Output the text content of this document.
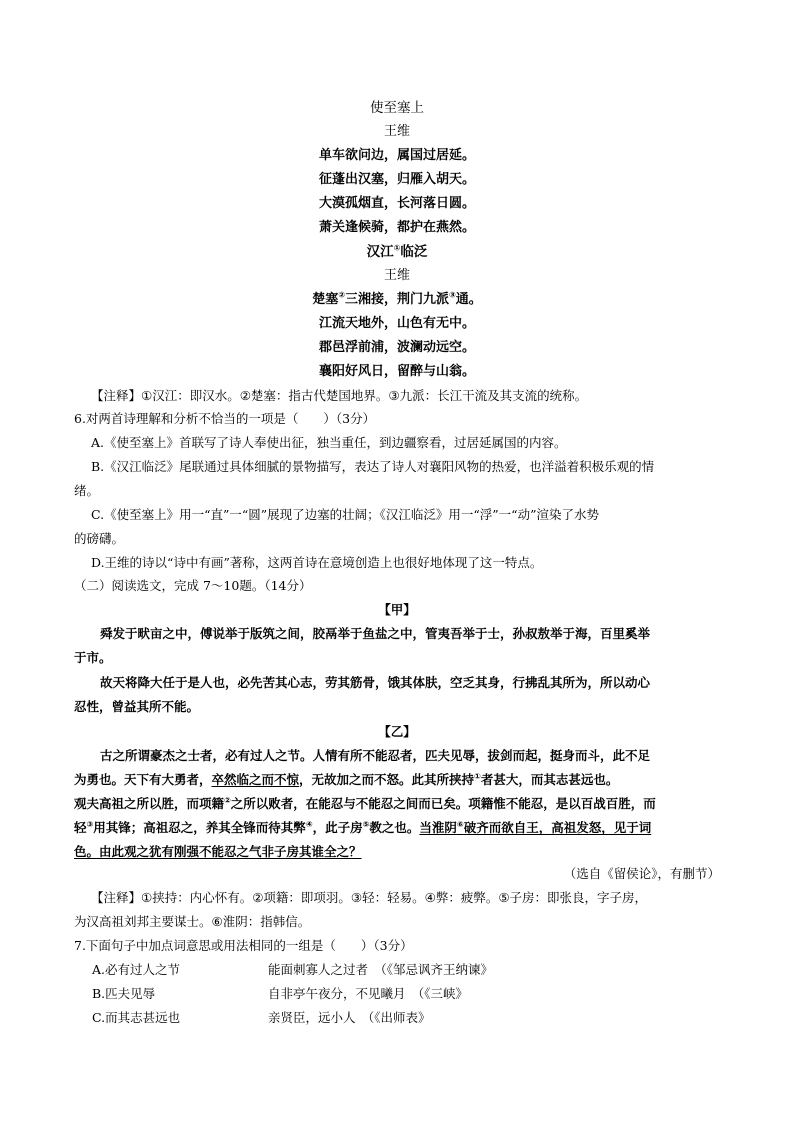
使至塞上
王维
单车欲问边，属国过居延。
征蓬出汉塞，归雁入胡天。
大漠孤烟直，长河落日圆。
萧关逢候骑，都护在燕然。
汉江①临泛
王维
楚塞②三湘接，荆门九派③通。
江流天地外，山色有无中。
郡邑浮前浦，波澜动远空。
襄阳好风日，留醉与山翁。
【注释】①汉江：即汉水。②楚塞：指古代楚国地界。③九派：长江干流及其支流的统称。
6.对两首诗理解和分析不恰当的一项是（　　）（3分）
A.《使至塞上》首联写了诗人奉使出征，独当重任，到边疆察看，过居延属国的内容。
B.《汉江临泛》尾联通过具体细腻的景物描写，表达了诗人对襄阳风物的热爱，也洋溢着积极乐观的情
绪。
C.《使至塞上》用一“直”一“圆”展现了边塞的壮阔；《汉江临泛》用一“浮”一“动”渲染了水势
的磅礴。
D.王维的诗以“诗中有画”著称，这两首诗在意境创造上也很好地体现了这一特点。
（二）阅读选文，完成 7～10题。（14分）
【甲】
舜发于畎亩之中，傅说举于版筑之间，胶鬲举于鱼盐之中，管夷吾举于士，孙叔敖举于海，百里奚举
于市。
故天将降大任于是人也，必先苦其心志，劳其筋骨，饿其体肤，空乏其身，行拂乱其所为，所以动心
忍性，曾益其所不能。
【乙】
古之所谓豪杰之士者，必有过人之节。人情有所不能忍者，匹夫见辱，拔剑而起，挺身而斗，此不足
为勇也。天下有大勇者，卒然临之而不惊，无故加之而不怒。此其所挟持①者甚大，而其志甚远也。
观夫高祖之所以胜，而项籍②之所以败者，在能忍与不能忍之间而已矣。项籍惟不能忍，是以百战百胜，而
轻③用其锋；高祖忍之，养其全锋而待其弊④，此子房⑤教之也。当淮阴⑥破齐而欲自王，高祖发怒，见于词
色。由此观之犹有刚强不能忍之气非子房其谁全之？
（选自《留侯论》，有删节）
【注释】①挟持：内心怀有。②项籍：即项羽。③轻：轻易。④弊：疲弊。⑤子房：即张良，字子房，
为汉高祖刘邦主要谋士。⑥淮阴：指韩信。
7.下面句子中加点词意思或用法相同的一组是（　　）（3分）
A.必有过人之节	能面刺寡人之过者　（《邹忌讽齐王纳谏》
B.匹夫见辱	自非亭午夜分，不见曦月　（《三峡》
C.而其志甚远也	亲贤臣，远小人　（《出师表》
